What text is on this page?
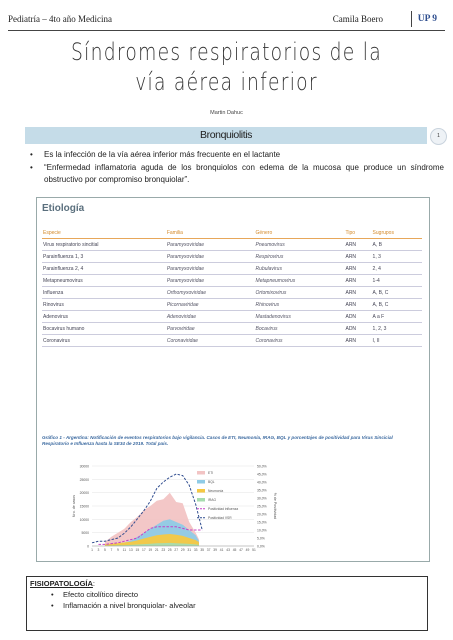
Pediatría – 4to año Medicina	Camila Boero	UP 9
Síndromes respiratorios de la
vía aérea inferior
Martin Dahuc
Bronquiolitis	1
• Es la infección de la vía aérea inferior más frecuente en el lactante
• “Enfermedad inflamatoria aguda de los bronquiolos con edema de la mucosa que produce un síndrome obstructivo por compromiso bronquiolar”.
Etiología
Especie	Familia	Género	Tipo	Sugrupos
Virus respiratorio sincitial	Paramyxoviridae	Pneumovirus	ARN	A, B
Parainfluenza 1, 3	Paramyxoviridae	Respirovirus	ARN	1, 3
Parainfluenza 2, 4	Paramyxoviridae	Rubulavirus	ARN	2, 4
Metapneumovirus	Paramyxoviridae	Metapneumovirus	ARN	1-4
Influenza	Orthomyxoviridae	Ortomixovirus	ARN	A, B, C
Rinovirus	Picornaviridae	Rhinovirus	ARN	A, B, C
Adenovirus	Adenoviridae	Mastadenovirus	ADN	A a F
Bocavirus humano	Parvoviridae	Bocavirus	ADN	1, 2, 3
Coronavirus	Coronaviridae	Coronavirus	ARN	I, II
Gráfico 1 - Argentina: Notificación de eventos respiratorios bajo vigilancia. Casos de ETI, Neumonía, IRAG, BQL y porcentajes de positividad para Virus Sincicial Respiratorio e Influenza hasta la SE34 de 2019. Total país.
30000
25000
20000
15000
10000
5000
0
50,0%
45,0%
40,0%
35,0%
30,0%
25,0%
20,0%
15,0%
10,0%
5,0%
0,0%
1 3 5 7 9 11 13 15 17 19 21 23 25 27 29 31 33 35 37 39 41 43 45 47 49 51
Nro. de casos	% de Positividad
ETI
BQL
Neumonía
IRAG
Positividad influenza
Positividad VSR
FISIOPATOLOGÍA:
• Efecto citolítico directo
• Inflamación a nivel bronquiolar- alveolar
